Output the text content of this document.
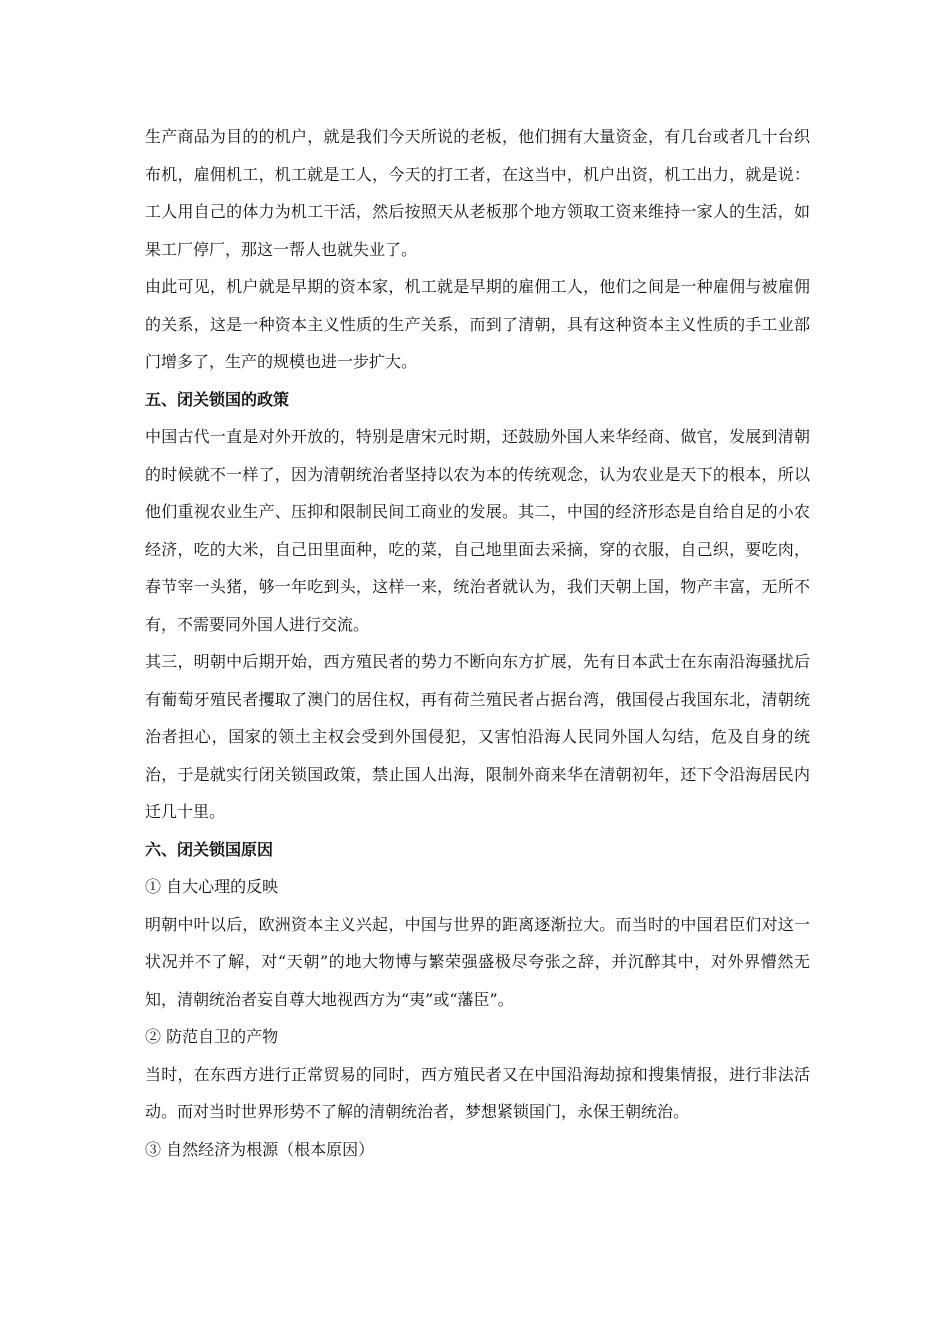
生产商品为目的的机户，就是我们今天所说的老板，他们拥有大量资金，有几台或者几十台织布机，雇佣机工，机工就是工人，今天的打工者，在这当中，机户出资，机工出力，就是说：工人用自己的体力为机工干活，然后按照天从老板那个地方领取工资来维持一家人的生活，如果工厂停厂，那这一帮人也就失业了。

由此可见，机户就是早期的资本家，机工就是早期的雇佣工人，他们之间是一种雇佣与被雇佣的关系，这是一种资本主义性质的生产关系，而到了清朝，具有这种资本主义性质的手工业部门增多了，生产的规模也进一步扩大。

五、闭关锁国的政策

中国古代一直是对外开放的，特别是唐宋元时期，还鼓励外国人来华经商、做官，发展到清朝的时候就不一样了，因为清朝统治者坚持以农为本的传统观念，认为农业是天下的根本，所以他们重视农业生产、压抑和限制民间工商业的发展。其二，中国的经济形态是自给自足的小农经济，吃的大米，自己田里面种，吃的菜，自己地里面去采摘，穿的衣服，自己织，要吃肉，春节宰一头猪，够一年吃到头，这样一来，统治者就认为，我们天朝上国，物产丰富，无所不有，不需要同外国人进行交流。

其三，明朝中后期开始，西方殖民者的势力不断向东方扩展，先有日本武士在东南沿海骚扰后有葡萄牙殖民者攫取了澳门的居住权，再有荷兰殖民者占据台湾，俄国侵占我国东北，清朝统治者担心，国家的领土主权会受到外国侵犯，又害怕沿海人民同外国人勾结，危及自身的统治，于是就实行闭关锁国政策，禁止国人出海，限制外商来华在清朝初年，还下令沿海居民内迁几十里。

六、闭关锁国原因

① 自大心理的反映

明朝中叶以后，欧洲资本主义兴起，中国与世界的距离逐渐拉大。而当时的中国君臣们对这一状况并不了解，对“天朝”的地大物博与繁荣强盛极尽夸张之辞，并沉醉其中，对外界懵然无知，清朝统治者妄自尊大地视西方为“夷”或“藩臣”。

② 防范自卫的产物

当时，在东西方进行正常贸易的同时，西方殖民者又在中国沿海劫掠和搜集情报，进行非法活动。而对当时世界形势不了解的清朝统治者，梦想紧锁国门，永保王朝统治。

③ 自然经济为根源（根本原因）
